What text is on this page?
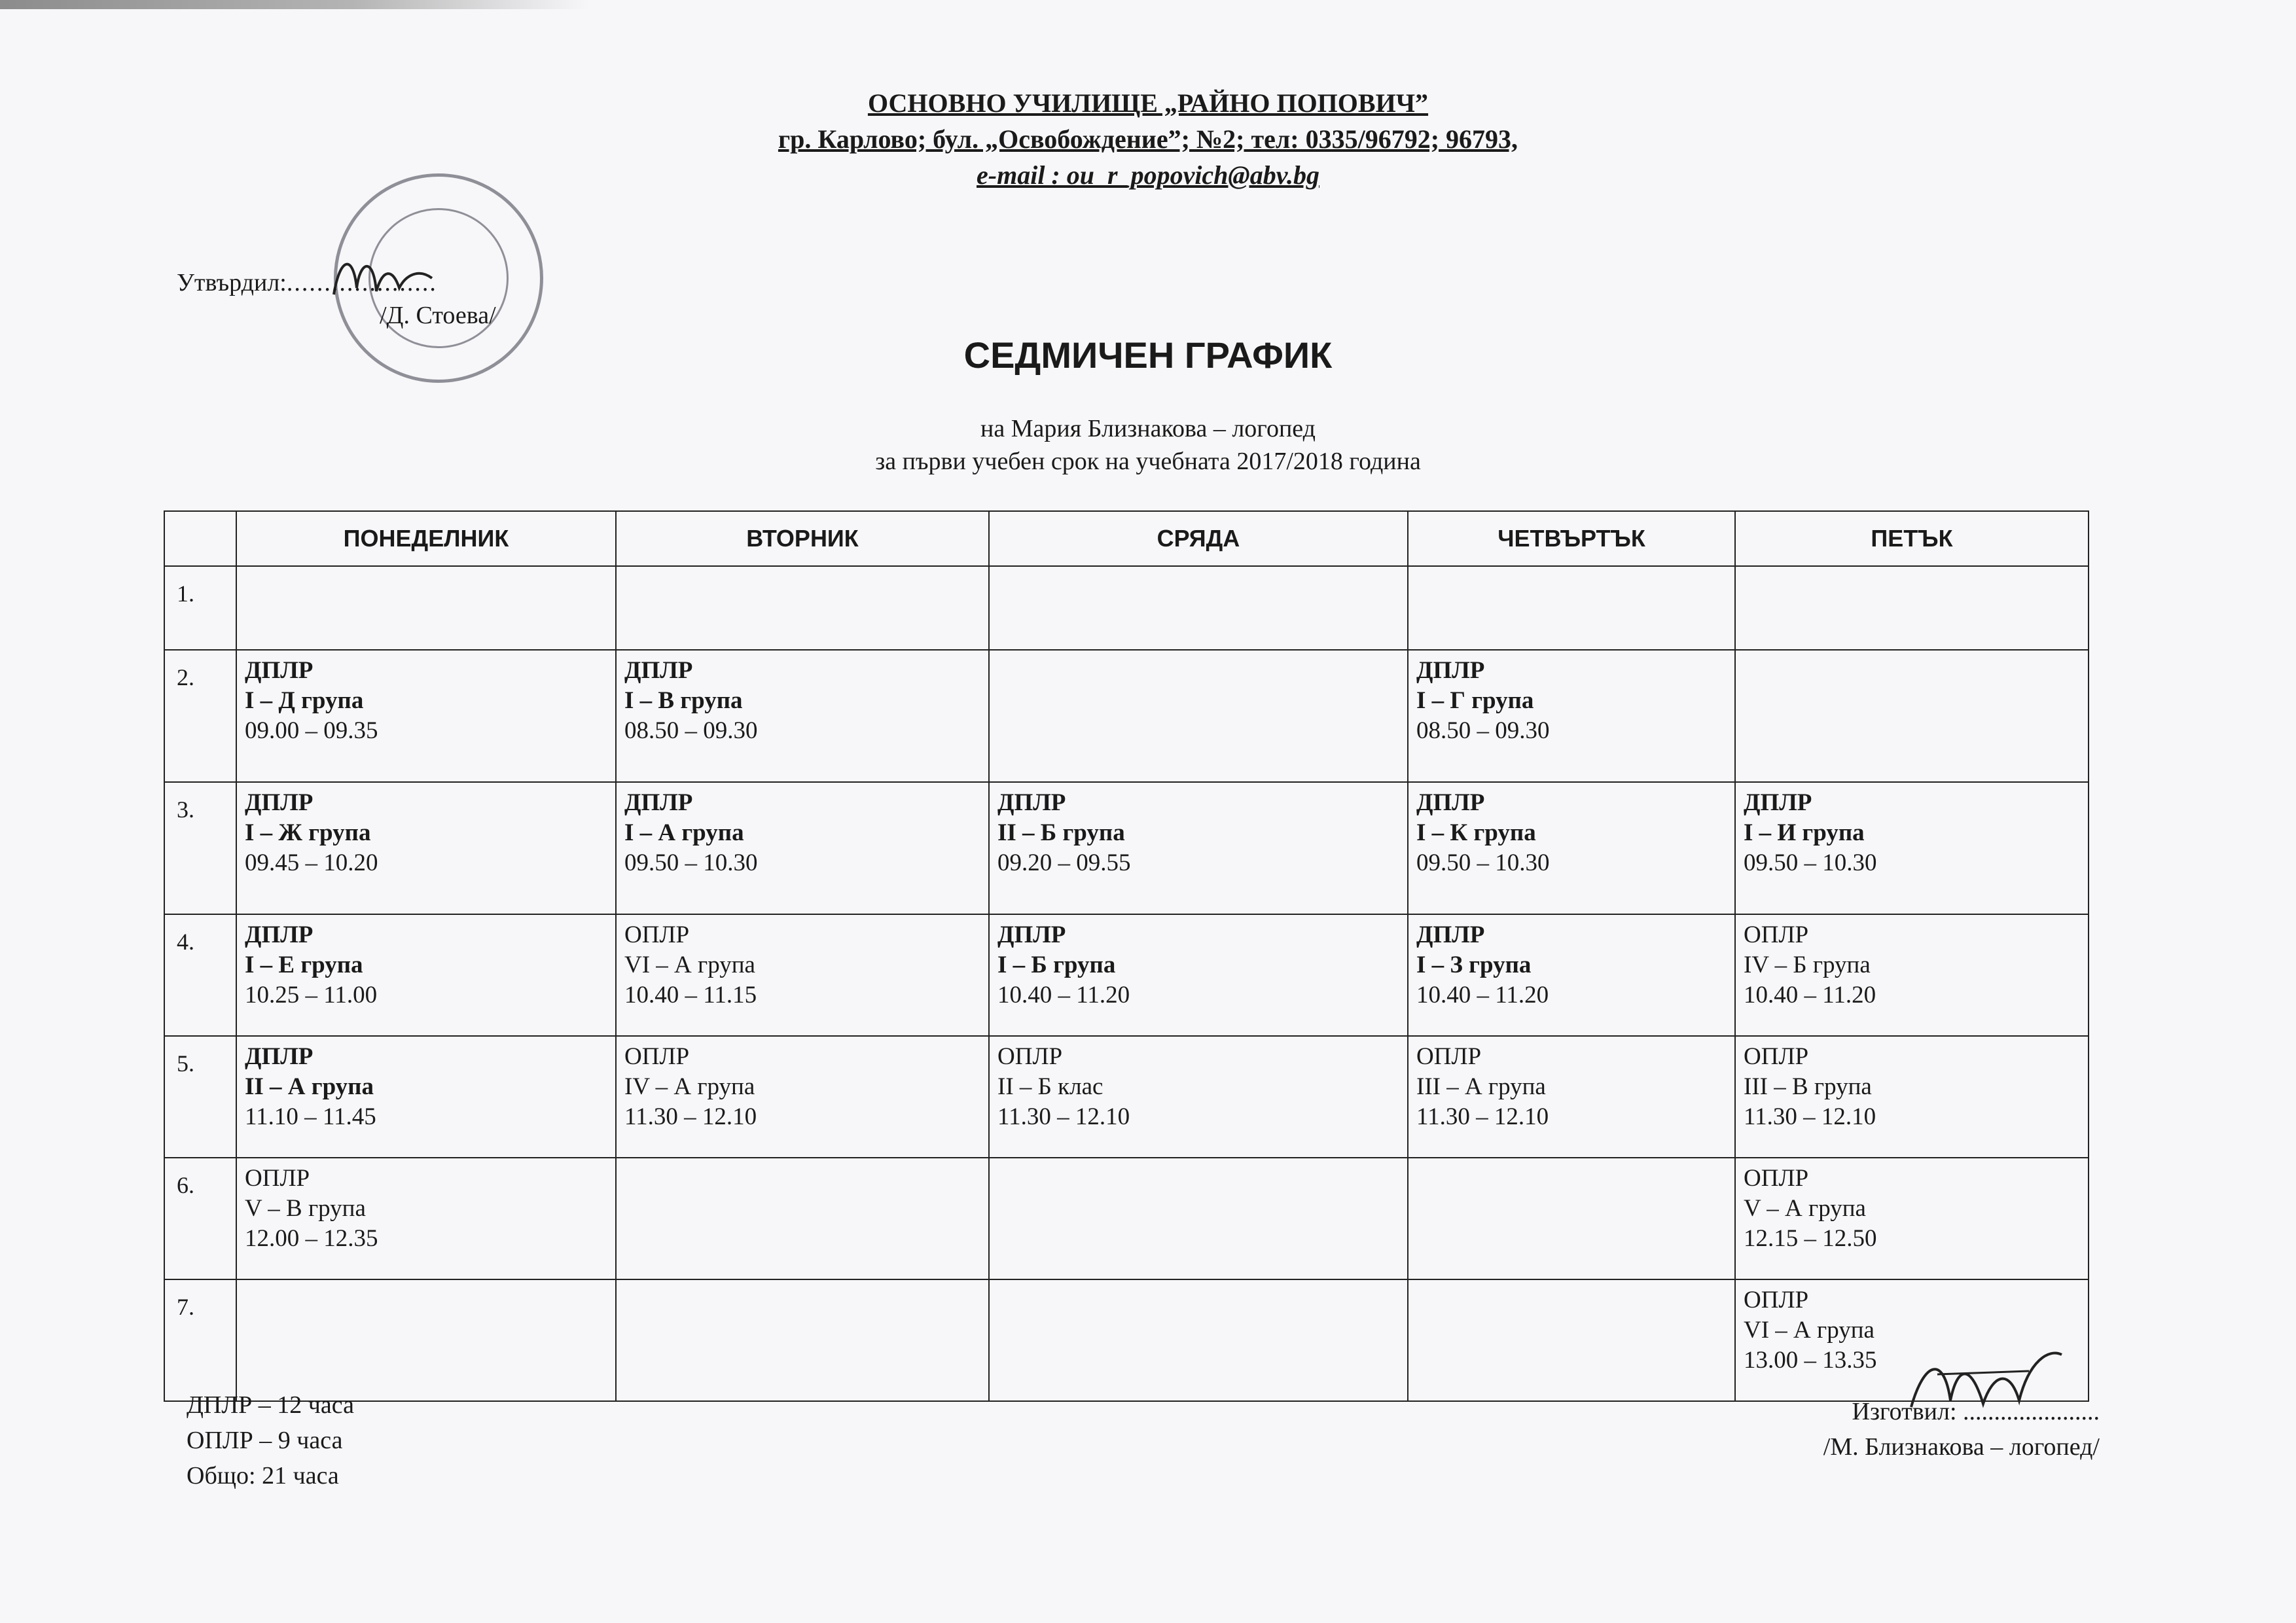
ОСНОВНО УЧИЛИЩЕ „РАЙНО ПОПОВИЧ”
гр. Карлово; бул. „Освобождение”; №2; тел: 0335/96792; 96793,
e-mail : ou_r_popovich@abv.bg
Утвърдил:....................
/Д. Стоева/
СЕДМИЧЕН ГРАФИК
на Мария Близнакова – логопед
за първи учебен срок на учебната 2017/2018 година
	ПОНЕДЕЛНИК	ВТОРНИК	СРЯДА	ЧЕТВЪРТЪК	ПЕТЪК
1.					
2.	ДПЛР
I – Д група
09.00 – 09.35	ДПЛР
I – В група
08.50 – 09.30		ДПЛР
I – Г група
08.50 – 09.30	

3.	ДПЛР
I – Ж група
09.45 – 10.20	ДПЛР
I – А група
09.50 – 10.30	ДПЛР
II – Б група
09.20 – 09.55	ДПЛР
I – К група
09.50 – 10.30	ДПЛР
I – И група
09.50 – 10.30

4.	ДПЛР
I – Е група
10.25 – 11.00	ОПЛР
VI – А група
10.40 – 11.15	ДПЛР
I – Б група
10.40 – 11.20	ДПЛР
I – З група
10.40 – 11.20	ОПЛР
IV – Б група
10.40 – 11.20

5.	ДПЛР
II – А група
11.10 – 11.45	ОПЛР
IV – А група
11.30 – 12.10	ОПЛР
II – Б клас
11.30 – 12.10	ОПЛР
III – А група
11.30 – 12.10	ОПЛР
III – В група
11.30 – 12.10

6.	ОПЛР
V – В група
12.00 – 12.35				ОПЛР
V – А група
12.15 – 12.50

7.					ОПЛР
VI – А група
13.00 – 13.35
ДПЛР – 12 часа
ОПЛР – 9 часа
Общо: 21 часа
Изготвил: ......................
/М. Близнакова – логопед/
